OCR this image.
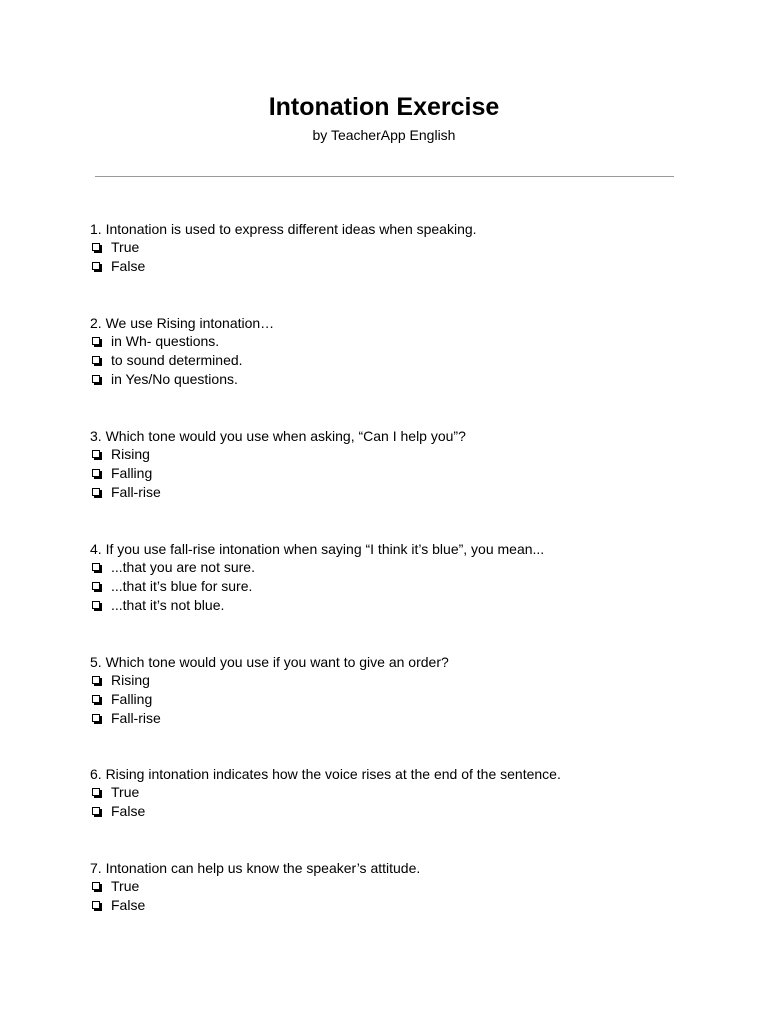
Intonation Exercise

by TeacherApp English

1. Intonation is used to express different ideas when speaking.

True
False

2. We use Rising intonation…

in Wh- questions.
to sound determined.
in Yes/No questions.

3. Which tone would you use when asking, “Can I help you”?

Rising
Falling
Fall-rise

4. If you use fall-rise intonation when saying “I think it’s blue”, you mean...

...that you are not sure.
...that it’s blue for sure.
...that it’s not blue.

5. Which tone would you use if you want to give an order?

Rising
Falling
Fall-rise

6. Rising intonation indicates how the voice rises at the end of the sentence.

True
False

7. Intonation can help us know the speaker’s attitude.

True
False
